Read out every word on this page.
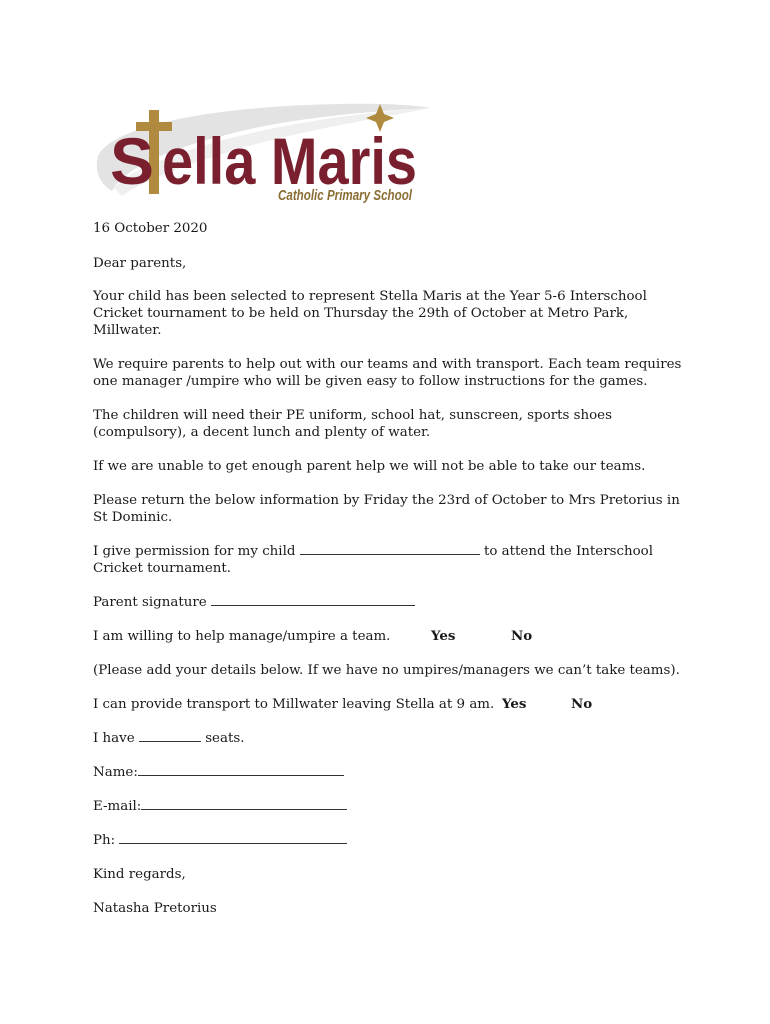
S ella Maris
Catholic Primary School
16 October 2020
Dear parents,
Your child has been selected to represent Stella Maris at the Year 5-6 Interschool
Cricket tournament to be held on Thursday the 29th of October at Metro Park,
Millwater.
We require parents to help out with our teams and with transport. Each team requires
one manager /umpire who will be given easy to follow instructions for the games.
The children will need their PE uniform, school hat, sunscreen, sports shoes
(compulsory), a decent lunch and plenty of water.
If we are unable to get enough parent help we will not be able to take our teams.
Please return the below information by Friday the 23rd of October to Mrs Pretorius in
St Dominic.
I give permission for my child	to attend the Interschool
Cricket tournament.
Parent signature
I am willing to help manage/umpire a team.	Yes	No
(Please add your details below. If we have no umpires/managers we can’t take teams).
I can provide transport to Millwater leaving Stella at 9 am. Yes	No
I have	seats.
Name:
E-mail:
Ph:
Kind regards,
Natasha Pretorius
